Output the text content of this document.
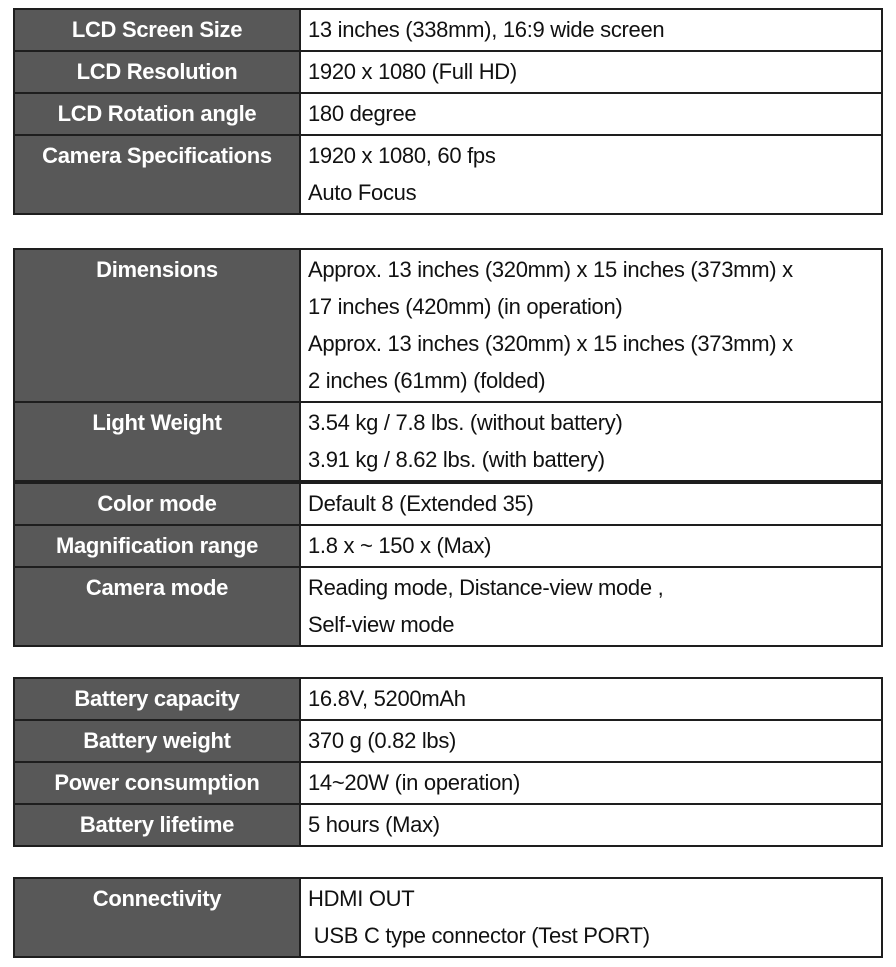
LCD Screen Size	13 inches (338mm), 16:9 wide screen

LCD Resolution	1920 x 1080 (Full HD)

LCD Rotation angle	180 degree

Camera Specifications	1920 x 1080, 60 fps
Auto Focus
Dimensions	Approx. 13 inches (320mm) x 15 inches (373mm) x
17 inches (420mm) (in operation)
Approx. 13 inches (320mm) x 15 inches (373mm) x
2 inches (61mm) (folded)

Light Weight	3.54 kg / 7.8 lbs. (without battery)
3.91 kg / 8.62 lbs. (with battery)

Color mode	Default 8 (Extended 35)

Magnification range	1.8 x ~ 150 x (Max)

Camera mode	Reading mode, Distance-view mode ,
Self-view mode
Battery capacity	16.8V, 5200mAh

Battery weight	370 g (0.82 lbs)

Power consumption	14~20W (in operation)

Battery lifetime	5 hours (Max)
Connectivity	HDMI OUT
USB C type connector (Test PORT)
